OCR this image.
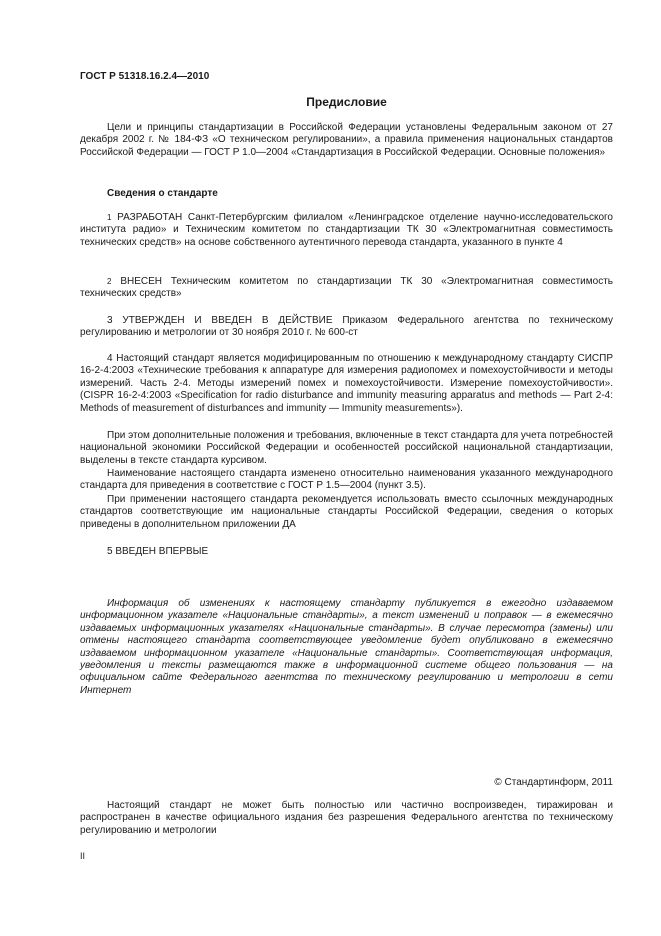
ГОСТ Р 51318.16.2.4—2010

Предисловие

Цели и принципы стандартизации в Российской Федерации установлены Федеральным законом от 27 декабря 2002 г. № 184-ФЗ «О техническом регулировании», а правила применения национальных стандартов Российской Федерации — ГОСТ Р 1.0—2004 «Стандартизация в Российской Федерации. Основные положения»

Сведения о стандарте

1 РАЗРАБОТАН Санкт-Петербургским филиалом «Ленинградское отделение научно-исследовательского института радио» и Техническим комитетом по стандартизации ТК 30 «Электромагнитная совместимость технических средств» на основе собственного аутентичного перевода стандарта, указанного в пункте 4

2 ВНЕСЕН Техническим комитетом по стандартизации ТК 30 «Электромагнитная совместимость технических средств»

3 УТВЕРЖДЕН И ВВЕДЕН В ДЕЙСТВИЕ Приказом Федерального агентства по техническому регулированию и метрологии от 30 ноября 2010 г. № 600-ст

4 Настоящий стандарт является модифицированным по отношению к международному стандарту СИСПР 16-2-4:2003 «Технические требования к аппаратуре для измерения радиопомех и помехоустойчивости и методы измерений. Часть 2-4. Методы измерений помех и помехоустойчивости. Измерение помехоустойчивости». (CISPR 16-2-4:2003 «Specification for radio disturbance and immunity measuring apparatus and methods — Part 2-4: Methods of measurement of disturbances and immunity — Immunity measurements»).

При этом дополнительные положения и требования, включенные в текст стандарта для учета потребностей национальной экономики Российской Федерации и особенностей российской национальной стандартизации, выделены в тексте стандарта курсивом.

Наименование настоящего стандарта изменено относительно наименования указанного международного стандарта для приведения в соответствие с ГОСТ Р 1.5—2004 (пункт 3.5).

При применении настоящего стандарта рекомендуется использовать вместо ссылочных международных стандартов соответствующие им национальные стандарты Российской Федерации, сведения о которых приведены в дополнительном приложении ДА

5 ВВЕДЕН ВПЕРВЫЕ

Информация об изменениях к настоящему стандарту публикуется в ежегодно издаваемом информационном указателе «Национальные стандарты», а текст изменений и поправок — в ежемесячно издаваемых информационных указателях «Национальные стандарты». В случае пересмотра (замены) или отмены настоящего стандарта соответствующее уведомление будет опубликовано в ежемесячно издаваемом информационном указателе «Национальные стандарты». Соответствующая информация, уведомления и тексты размещаются также в информационной системе общего пользования — на официальном сайте Федерального агентства по техническому регулированию и метрологии в сети Интернет

© Стандартинформ, 2011

Настоящий стандарт не может быть полностью или частично воспроизведен, тиражирован и распространен в качестве официального издания без разрешения Федерального агентства по техническому регулированию и метрологии

II
